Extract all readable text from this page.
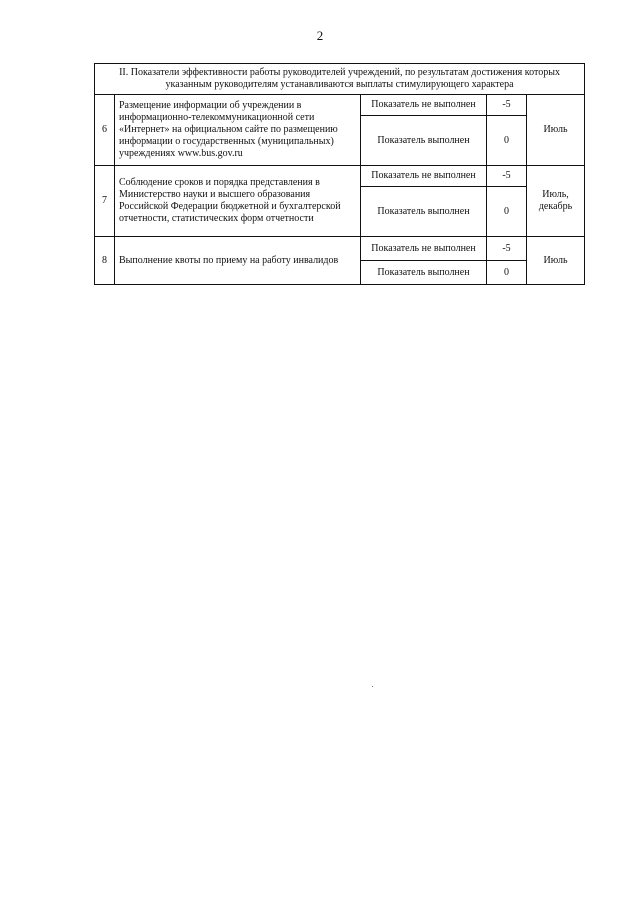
2
II. Показатели эффективности работы руководителей учреждений, по результатам достижения которых указанным руководителям устанавливаются выплаты стимулирующего характера				
6	Размещение информации об учреждении в информационно-телекоммуникационной сети «Интернет» на официальном сайте по размещению информации о государственных (муниципальных) учреждениях www.bus.gov.ru	Показатель не выполнен	-5	Июль
		Показатель выполнен	0	
7	Соблюдение сроков и порядка представления в Министерство науки и высшего образования Российской Федерации бюджетной и бухгалтерской отчетности, статистических форм отчетности	Показатель не выполнен	-5	Июль, декабрь
		Показатель выполнен	0	
8	Выполнение квоты по приему на работу инвалидов	Показатель не выполнен	-5	Июль
		Показатель выполнен	0	
